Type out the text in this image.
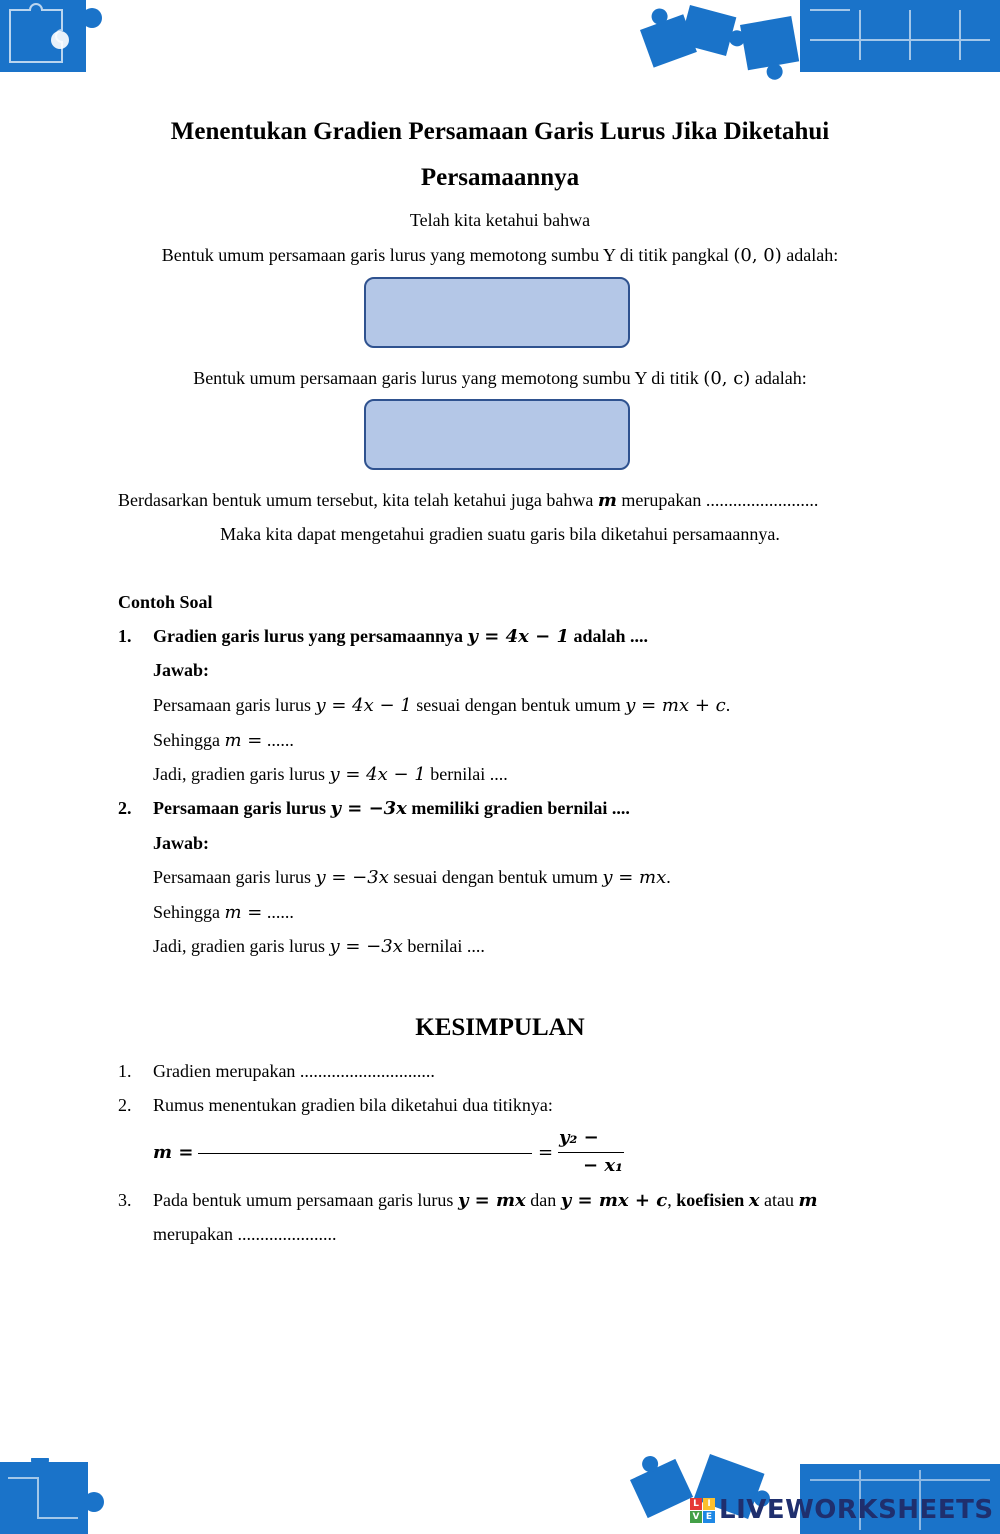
Menentukan Gradien Persamaan Garis Lurus Jika Diketahui
Persamaannya
Telah kita ketahui bahwa
Bentuk umum persamaan garis lurus yang memotong sumbu Y di titik pangkal (0, 0) adalah:
Bentuk umum persamaan garis lurus yang memotong sumbu Y di titik (0, c) adalah:
Berdasarkan bentuk umum tersebut, kita telah ketahui juga bahwa m merupakan .........................
Maka kita dapat mengetahui gradien suatu garis bila diketahui persamaannya.
Contoh Soal
1. Gradien garis lurus yang persamaannya y = 4x − 1 adalah ....
Jawab:
Persamaan garis lurus y = 4x − 1 sesuai dengan bentuk umum y = mx + c.
Sehingga m = ......
Jadi, gradien garis lurus y = 4x − 1 bernilai ....
2. Persamaan garis lurus y = −3x memiliki gradien bernilai ....
Jawab:
Persamaan garis lurus y = −3x sesuai dengan bentuk umum y = mx.
Sehingga m = ......
Jadi, gradien garis lurus y = −3x bernilai ....
KESIMPULAN
1. Gradien merupakan ..............................
2. Rumus menentukan gradien bila diketahui dua titiknya:
m =	=
y₂ −
− x₁
3. Pada bentuk umum persamaan garis lurus y = mx dan y = mx + c, koefisien x atau m
merupakan ......................
L I
V E LIVEWORKSHEETS
